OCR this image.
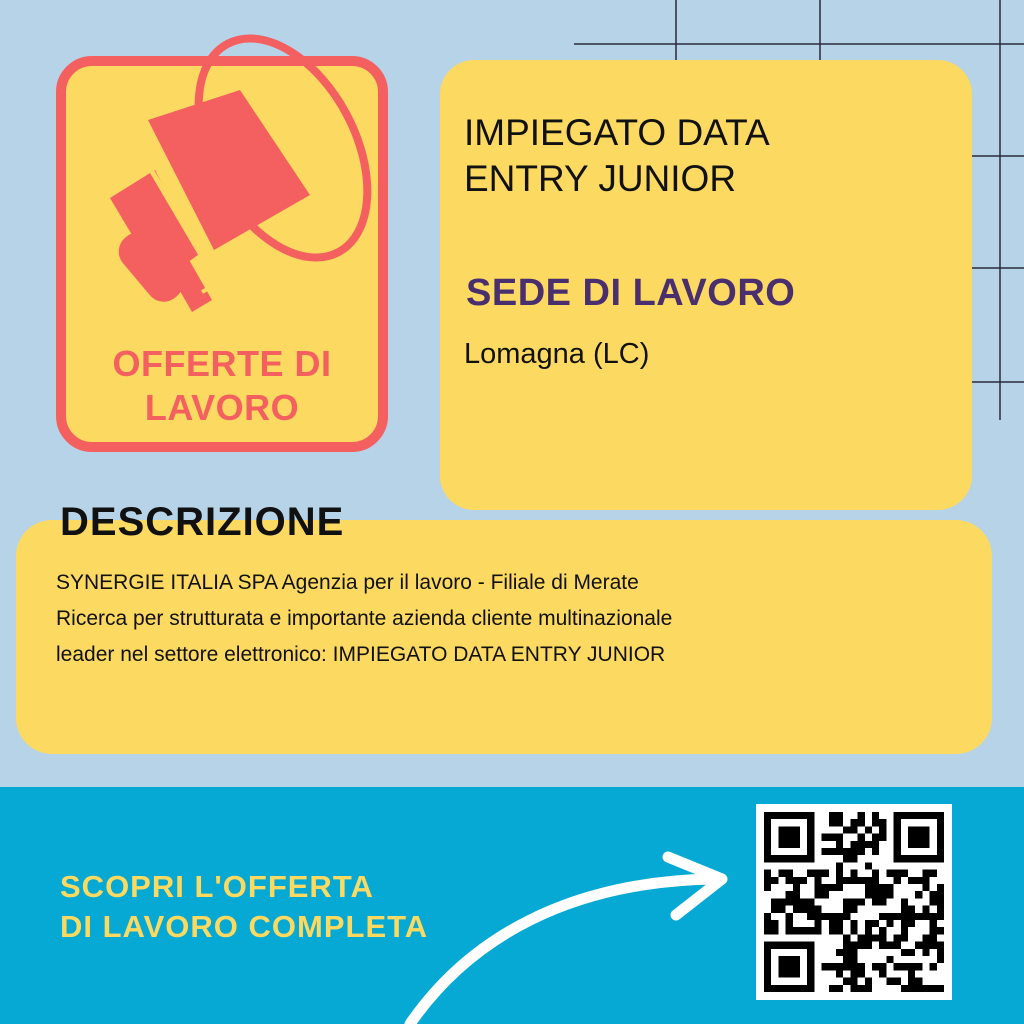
OFFERTE DI
LAVORO
IMPIEGATO DATA
ENTRY JUNIOR
SEDE DI LAVORO
Lomagna (LC)
DESCRIZIONE
SYNERGIE ITALIA SPA Agenzia per il lavoro - Filiale di Merate
Ricerca per strutturata e importante azienda cliente multinazionale
leader nel settore elettronico: IMPIEGATO DATA ENTRY JUNIOR
SCOPRI L'OFFERTA
DI LAVORO COMPLETA
